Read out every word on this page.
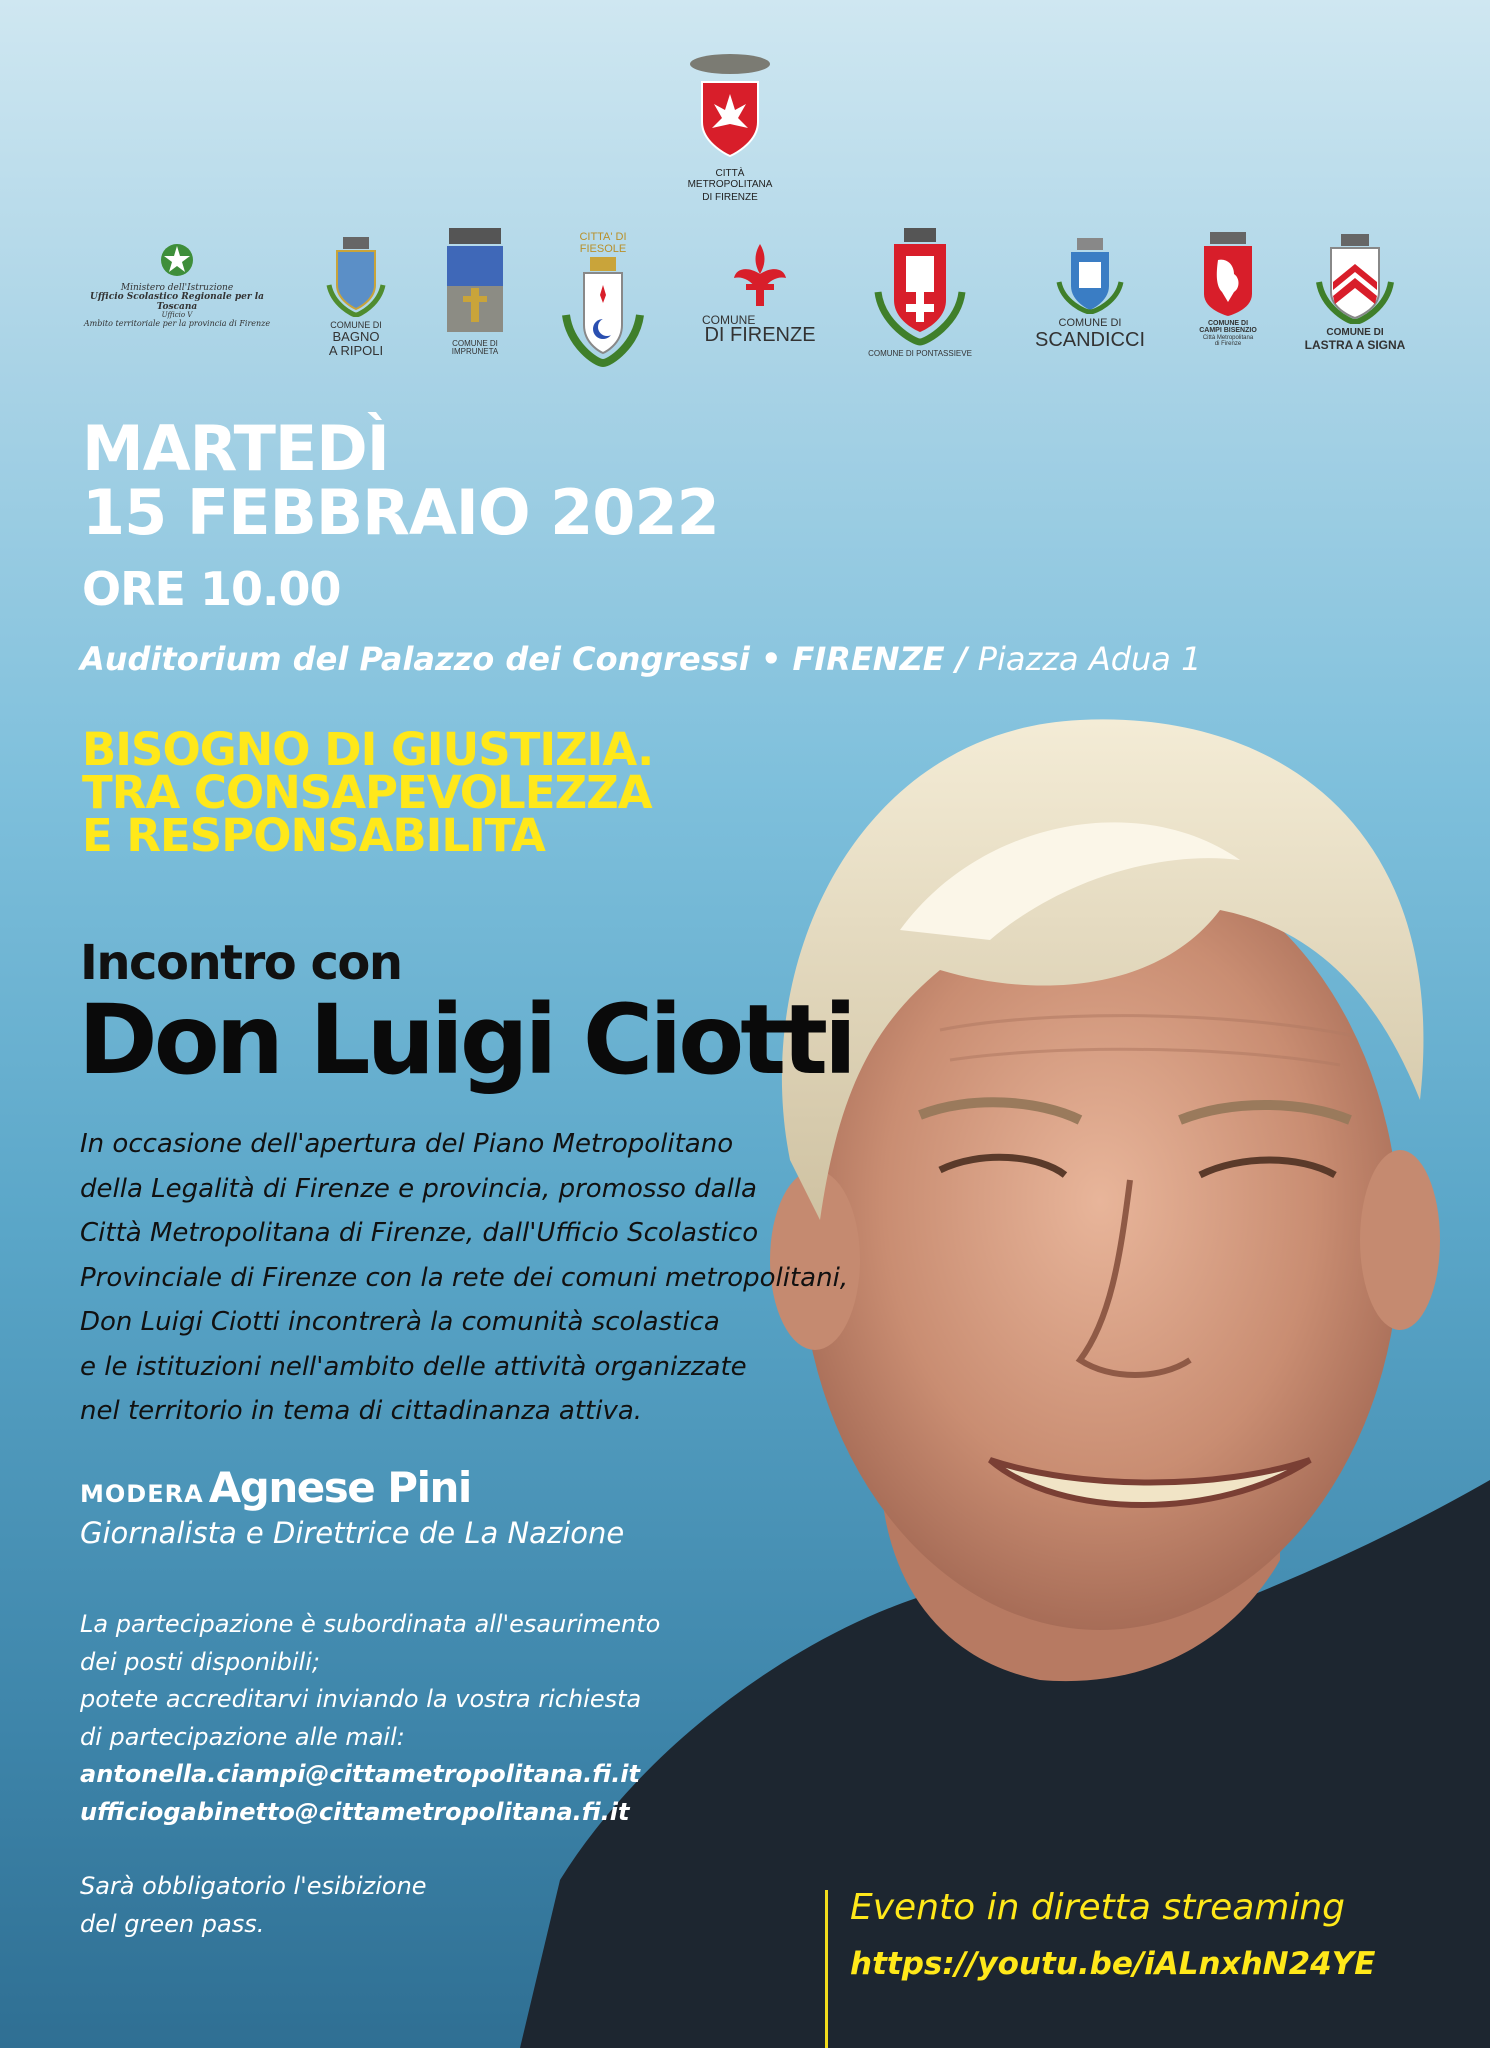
CITTÀ METROPOLITANA
DI FIRENZE
Ministero dell'Istruzione
Ufficio Scolastico Regionale per la Toscana
Ufficio V
Ambito territoriale per la provincia di Firenze	COMUNE DI
BAGNO
A RIPOLI	COMUNE DI IMPRUNETA
CITTA' DI FIESOLE
COMUNE
DI FIRENZE
COMUNE DI PONTASSIEVE
COMUNE DI
SCANDICCI
COMUNE DI
CAMPI BISENZIO
Città Metropolitana
di Firenze
COMUNE DI
LASTRA A SIGNA
MARTEDÌ
15 FEBBRAIO 2022
ORE 10.00
Auditorium del Palazzo dei Congressi • FIRENZE / Piazza Adua 1
BISOGNO DI GIUSTIZIA.
TRA CONSAPEVOLEZZA
E RESPONSABILITA
Incontro con
Don Luigi Ciotti
In occasione dell'apertura del Piano Metropolitano
della Legalità di Firenze e provincia, promosso dalla
Città Metropolitana di Firenze, dall'Ufficio Scolastico
Provinciale di Firenze con la rete dei comuni metropolitani,
Don Luigi Ciotti incontrerà la comunità scolastica
e le istituzioni nell'ambito delle attività organizzate
nel territorio in tema di cittadinanza attiva.
MODERA Agnese Pini
Giornalista e Direttrice de La Nazione
La partecipazione è subordinata all'esaurimento
dei posti disponibili;
potete accreditarvi inviando la vostra richiesta
di partecipazione alle mail:
antonella.ciampi@cittametropolitana.fi.it
ufficiogabinetto@cittametropolitana.fi.it
Sarà obbligatorio l'esibizione
del green pass.	Evento in diretta streaming
https://youtu.be/iALnxhN24YE
